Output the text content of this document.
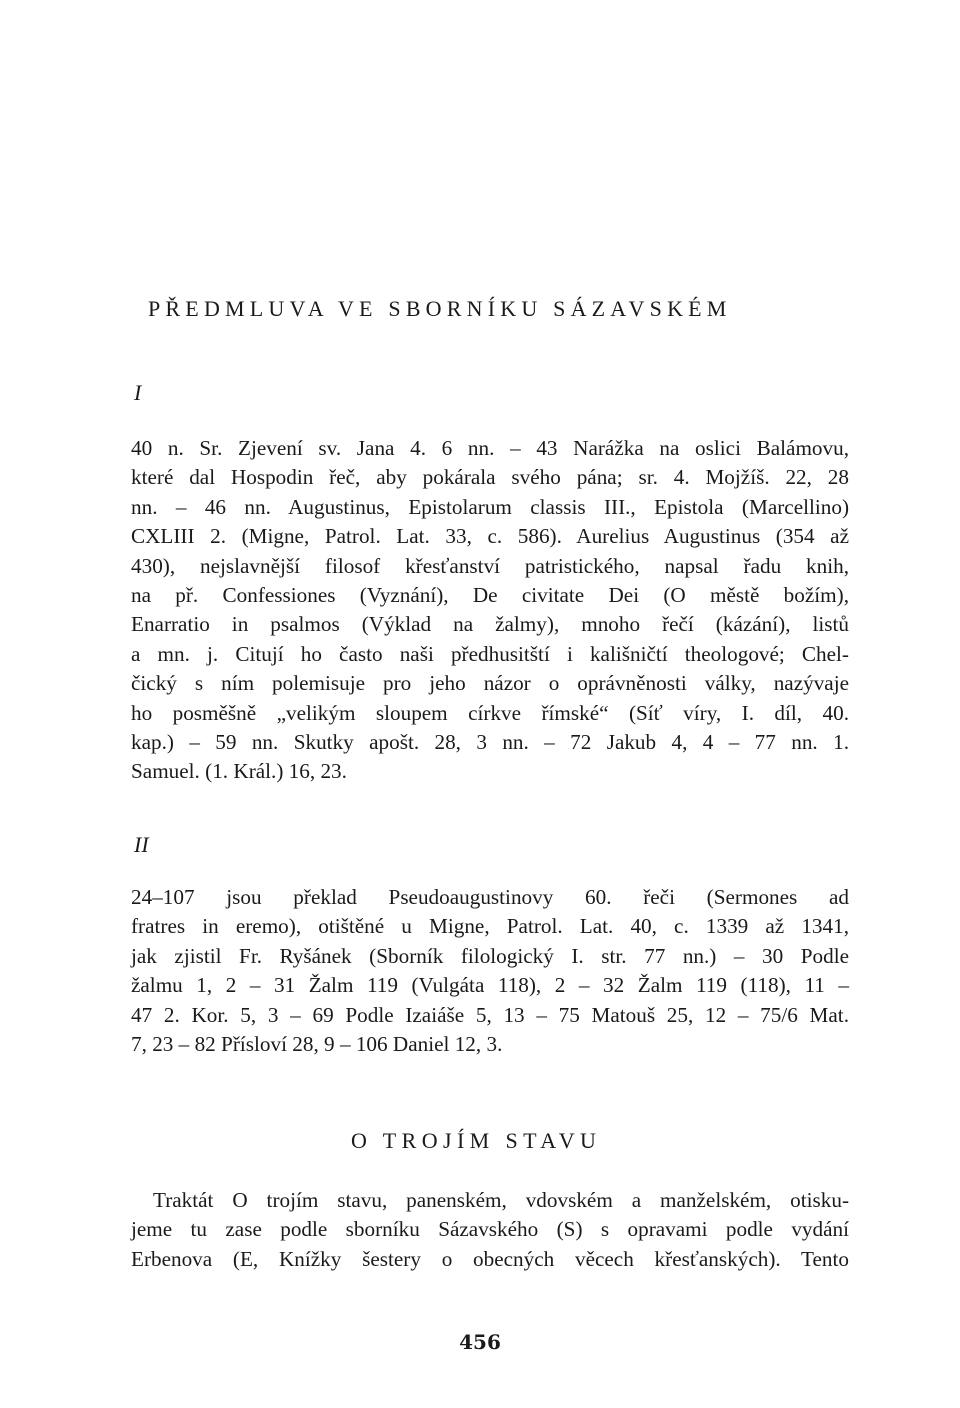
PŘEDMLUVA VE SBORNÍKU SÁZAVSKÉM

I

40 n. Sr. Zjevení sv. Jana 4. 6 nn. – 43 Narážka na oslici Balámovu,
které dal Hospodin řeč, aby pokárala svého pána; sr. 4. Mojžíš. 22, 28
nn. – 46 nn. Augustinus, Epistolarum classis III., Epistola (Marcellino)
CXLIII 2. (Migne, Patrol. Lat. 33, c. 586). Aurelius Augustinus (354 až
430), nejslavnější filosof křesťanství patristického, napsal řadu knih,
na př. Confessiones (Vyznání), De civitate Dei (O městě božím),
Enarratio in psalmos (Výklad na žalmy), mnoho řečí (kázání), listů
a mn. j. Citují ho často naši předhusitští i kališničtí theologové; Chel-
čický s ním polemisuje pro jeho názor o oprávněnosti války, nazývaje
ho posměšně „velikým sloupem církve římské“ (Síť víry, I. díl, 40.
kap.) – 59 nn. Skutky apošt. 28, 3 nn. – 72 Jakub 4, 4 – 77 nn. 1.
Samuel. (1. Král.) 16, 23.

II

24–107 jsou překlad Pseudoaugustinovy 60. řeči (Sermones ad
fratres in eremo), otištěné u Migne, Patrol. Lat. 40, c. 1339 až 1341,
jak zjistil Fr. Ryšánek (Sborník filologický I. str. 77 nn.) – 30 Podle
žalmu 1, 2 – 31 Žalm 119 (Vulgáta 118), 2 – 32 Žalm 119 (118), 11 –
47 2. Kor. 5, 3 – 69 Podle Izaiáše 5, 13 – 75 Matouš 25, 12 – 75/6 Mat.
7, 23 – 82 Přísloví 28, 9 – 106 Daniel 12, 3.

O TROJÍM STAVU

Traktát O trojím stavu, panenském, vdovském a manželském, otisku-
jeme tu zase podle sborníku Sázavského (S) s opravami podle vydání
Erbenova (E, Knížky šestery o obecných věcech křesťanských). Tento

456
